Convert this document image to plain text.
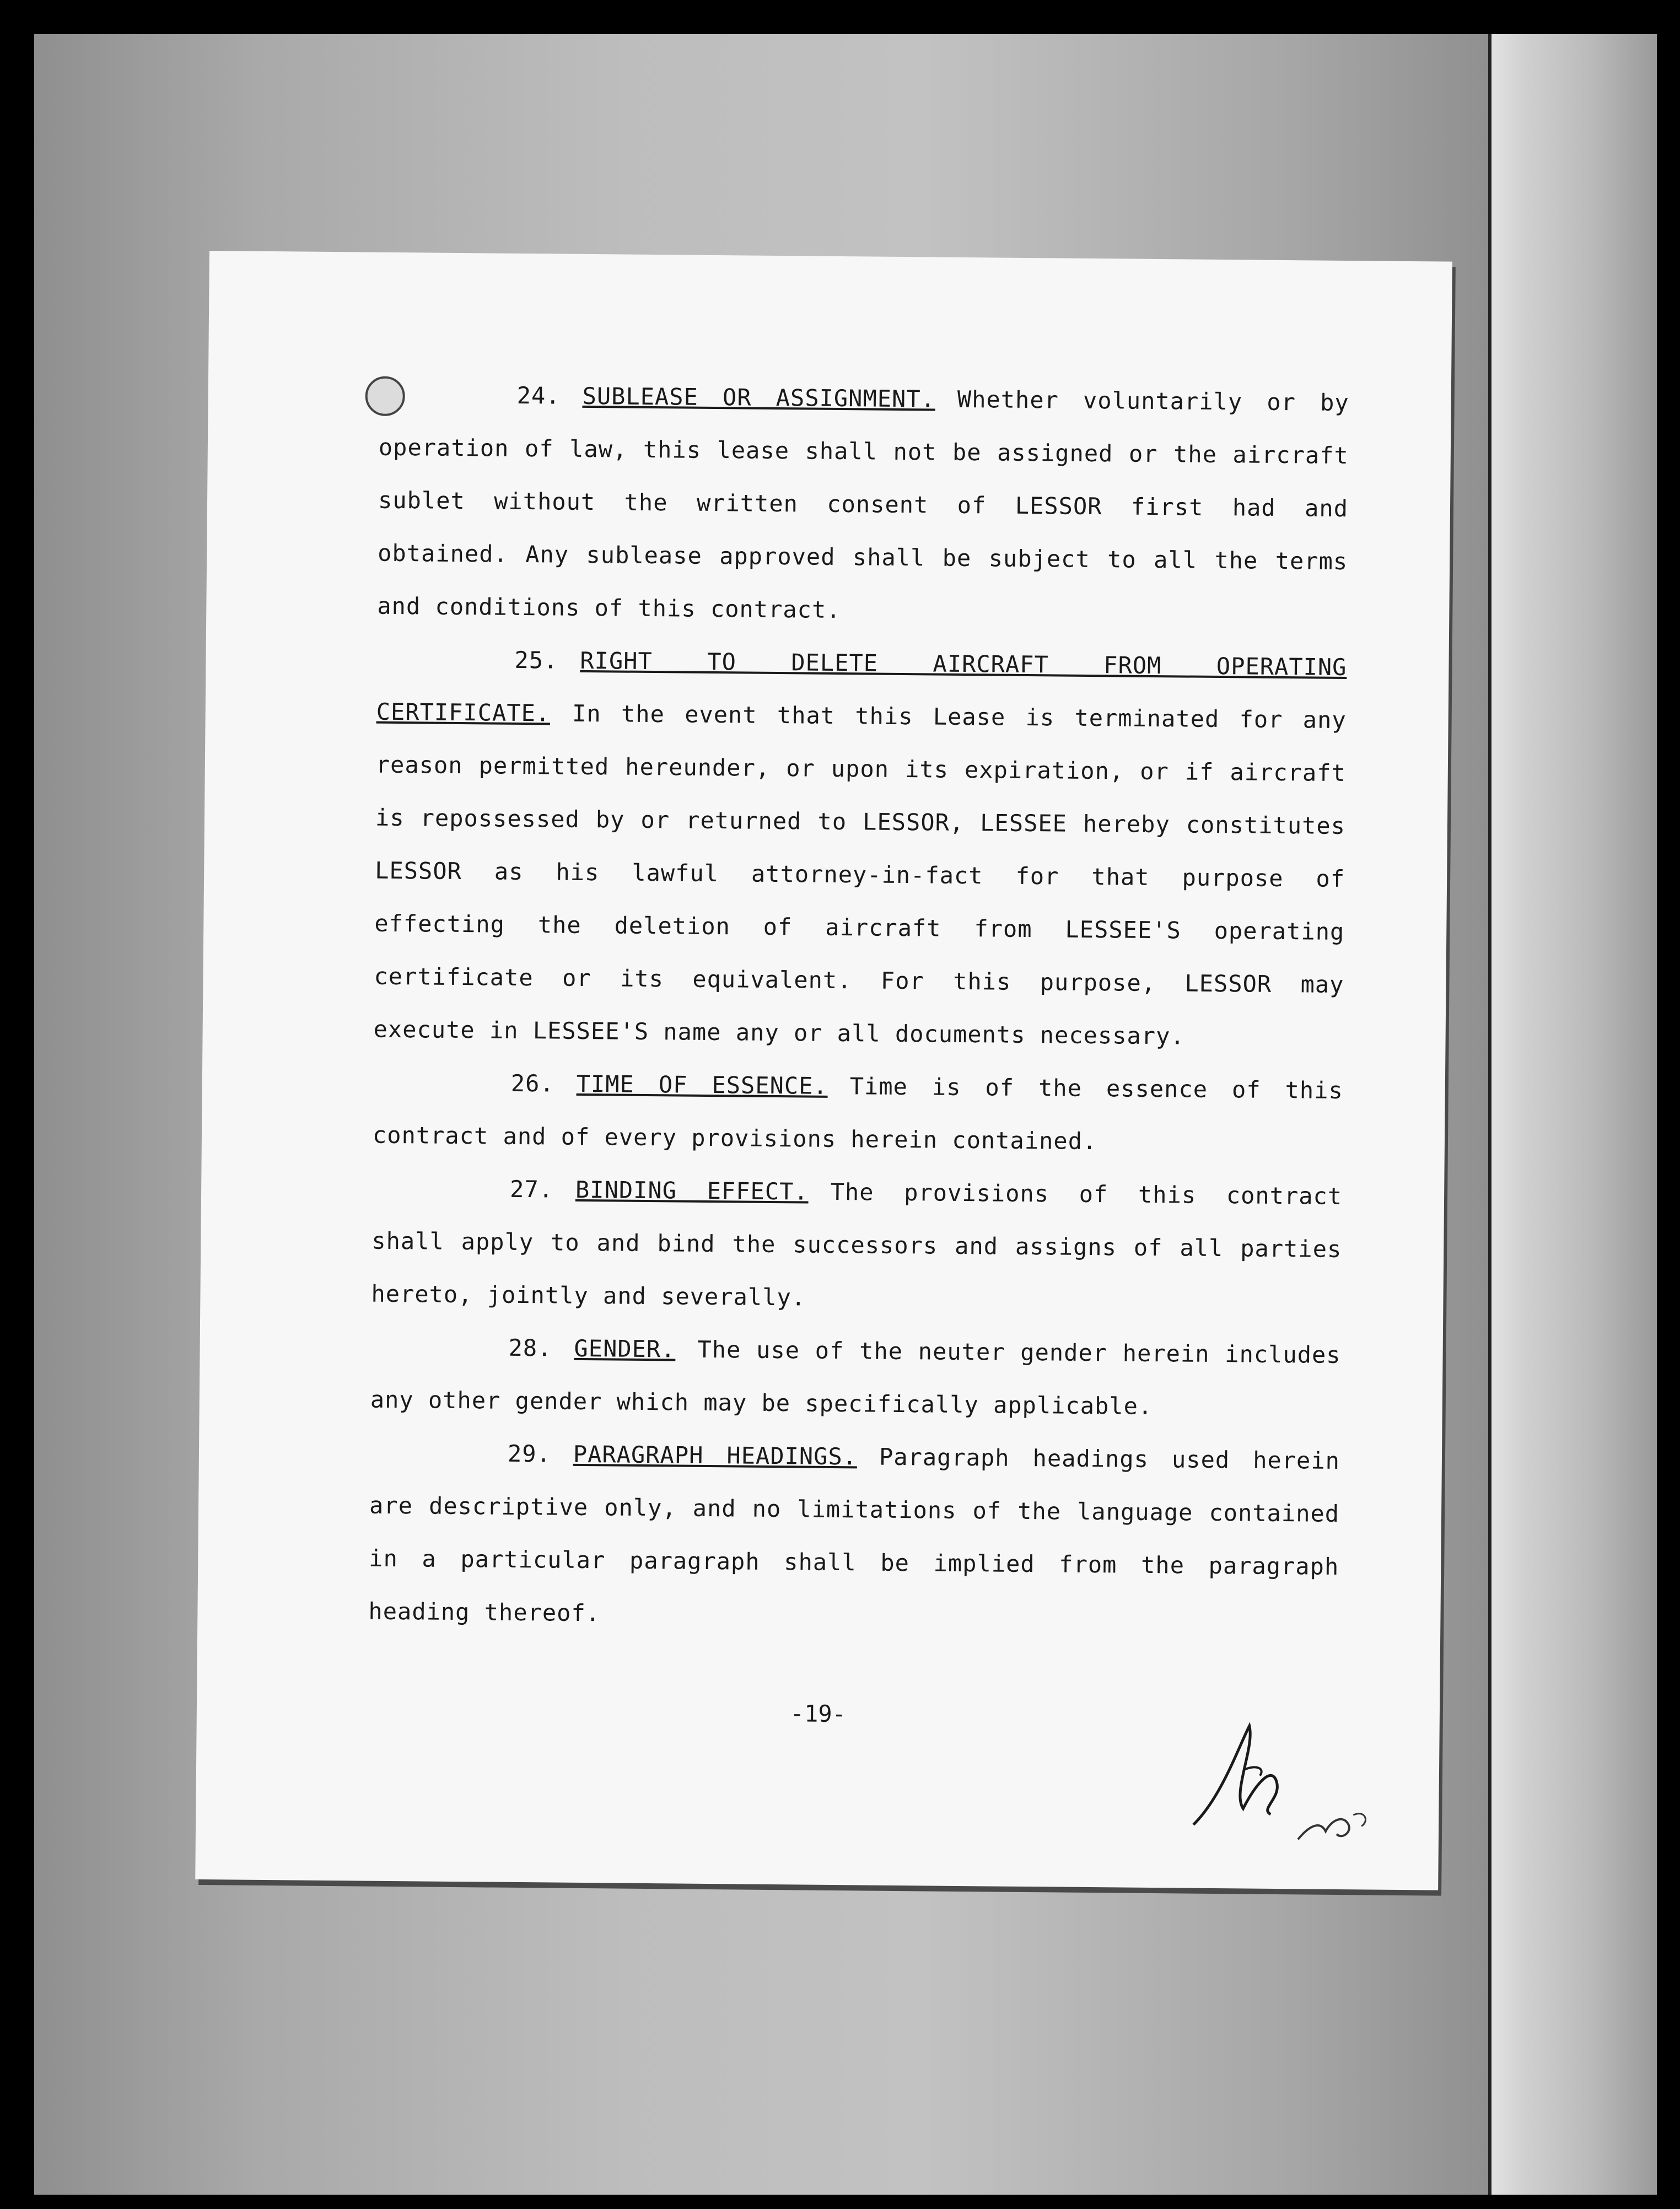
24. SUBLEASE OR ASSIGNMENT. Whether voluntarily or by operation of law, this lease shall not be assigned or the aircraft sublet without the written consent of LESSOR first had and obtained. Any sublease approved shall be subject to all the terms and conditions of this contract.

25. RIGHT TO DELETE AIRCRAFT FROM OPERATING CERTIFICATE. In the event that this Lease is terminated for any reason permitted hereunder, or upon its expiration, or if aircraft is repossessed by or returned to LESSOR, LESSEE hereby constitutes LESSOR as his lawful attorney-in-fact for that purpose of effecting the deletion of aircraft from LESSEE'S operating certificate or its equivalent. For this purpose, LESSOR may execute in LESSEE'S name any or all documents necessary.

26. TIME OF ESSENCE. Time is of the essence of this contract and of every provisions herein contained.

27. BINDING EFFECT. The provisions of this contract shall apply to and bind the successors and assigns of all parties hereto, jointly and severally.

28. GENDER. The use of the neuter gender herein includes any other gender which may be specifically applicable.

29. PARAGRAPH HEADINGS. Paragraph headings used herein are descriptive only, and no limitations of the language contained in a particular paragraph shall be implied from the paragraph heading thereof.

-19-
